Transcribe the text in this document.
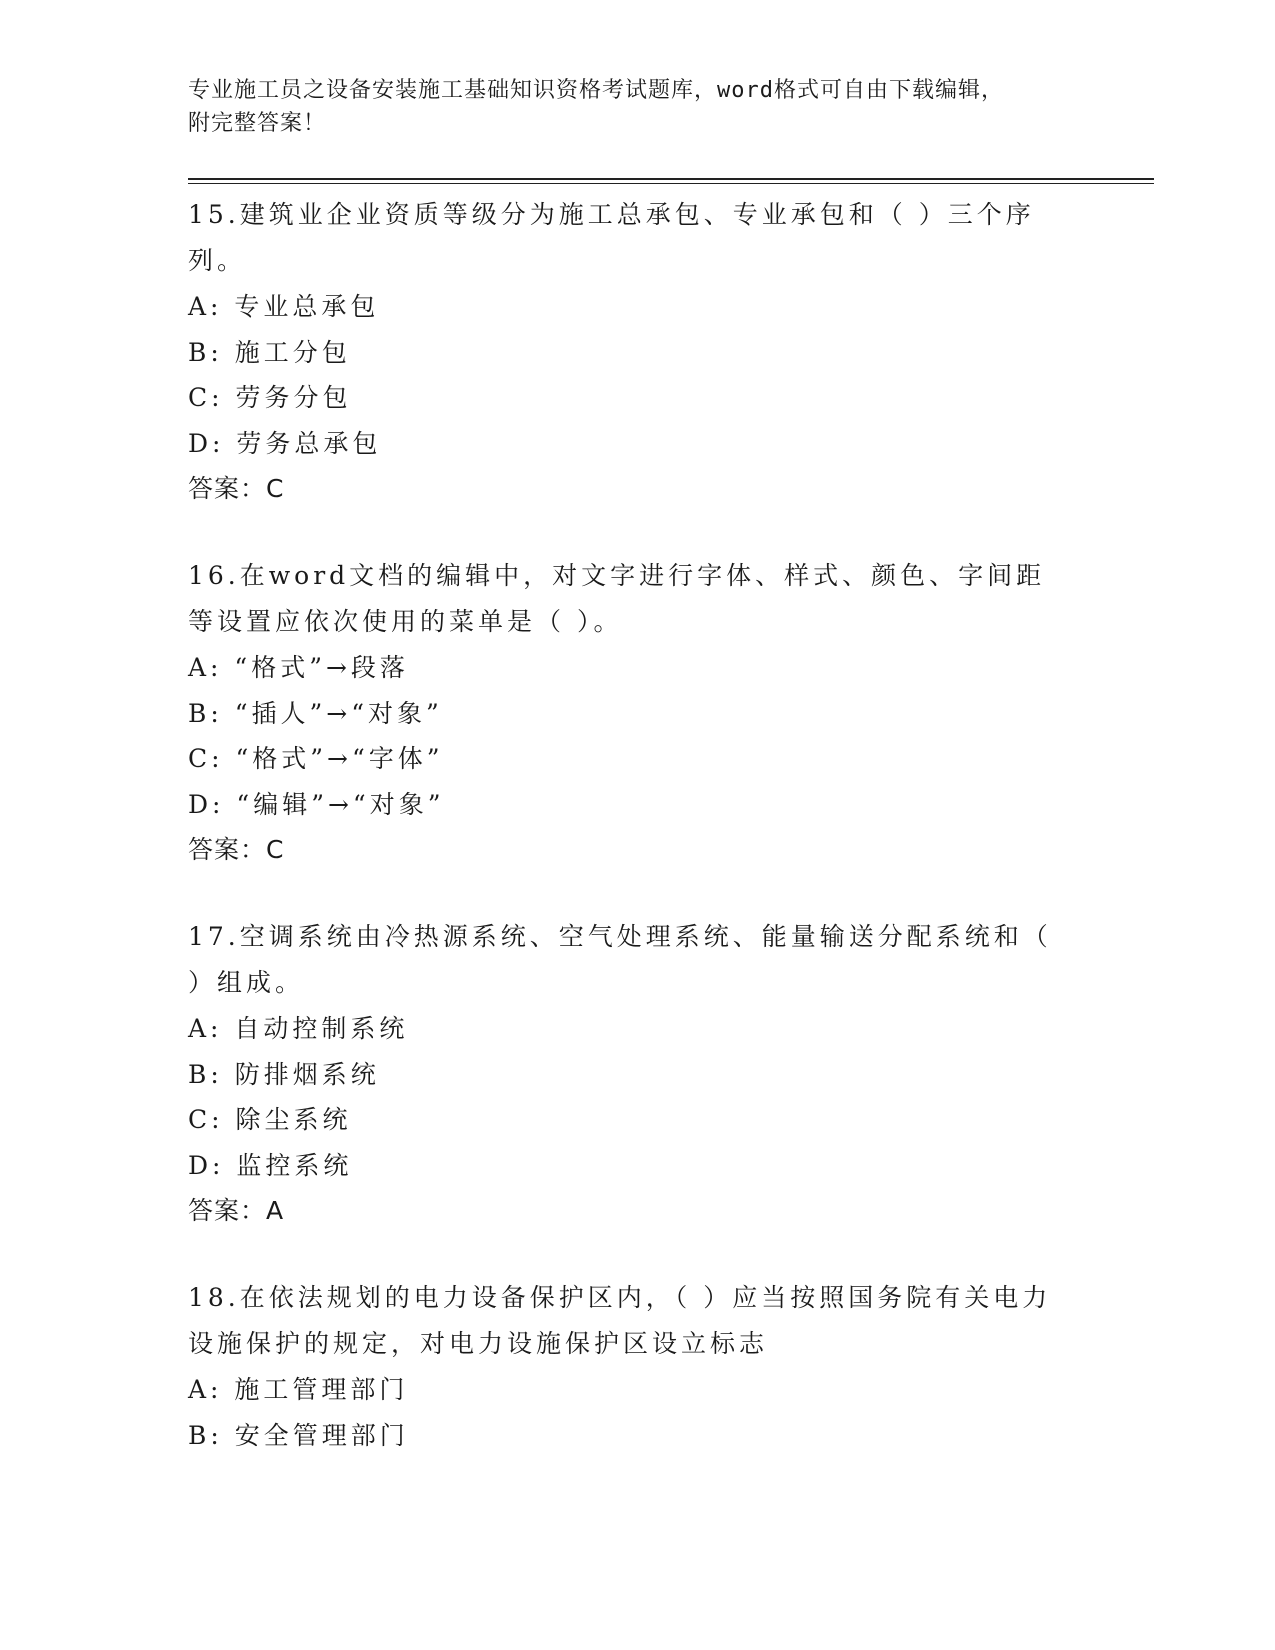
专业施工员之设备安装施工基础知识资格考试题库，word格式可自由下载编辑，
附完整答案！

15.建筑业企业资质等级分为施工总承包、专业承包和（ ）三个序列。

A: 专业总承包

B: 施工分包

C: 劳务分包

D: 劳务总承包

答案：C

16.在word文档的编辑中，对文字进行字体、样式、颜色、字间距等设置应依次使用的菜单是（ ）。

A: “格式”→段落

B: “插人”→“对象”

C: “格式”→“字体”

D: “编辑”→“对象”

答案：C

17.空调系统由冷热源系统、空气处理系统、能量输送分配系统和（ ）组成。

A: 自动控制系统

B: 防排烟系统

C: 除尘系统

D: 监控系统

答案：A

18.在依法规划的电力设备保护区内，（ ）应当按照国务院有关电力设施保护的规定，对电力设施保护区设立标志

A: 施工管理部门

B: 安全管理部门
